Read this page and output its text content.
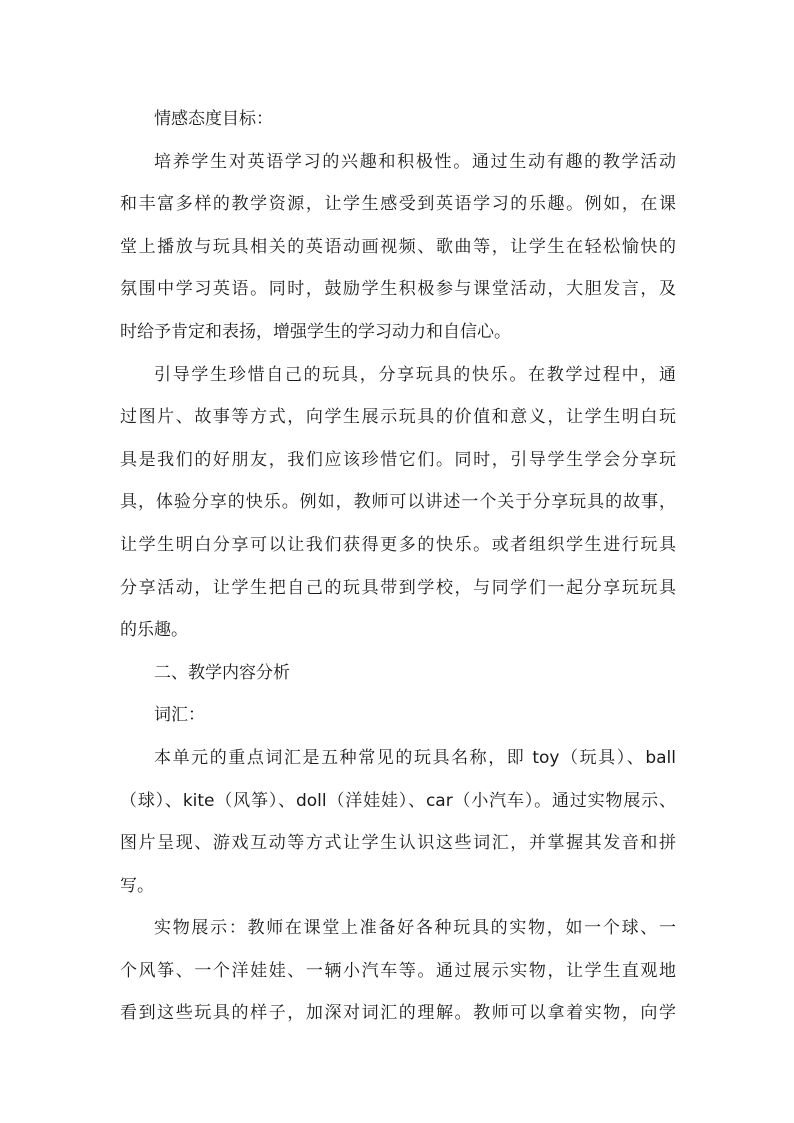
情感态度目标：
培养学生对英语学习的兴趣和积极性。通过生动有趣的教学活动
和丰富多样的教学资源，让学生感受到英语学习的乐趣。例如，在课
堂上播放与玩具相关的英语动画视频、歌曲等，让学生在轻松愉快的
氛围中学习英语。同时，鼓励学生积极参与课堂活动，大胆发言，及
时给予肯定和表扬，增强学生的学习动力和自信心。
引导学生珍惜自己的玩具，分享玩具的快乐。在教学过程中，通
过图片、故事等方式，向学生展示玩具的价值和意义，让学生明白玩
具是我们的好朋友，我们应该珍惜它们。同时，引导学生学会分享玩
具，体验分享的快乐。例如，教师可以讲述一个关于分享玩具的故事，
让学生明白分享可以让我们获得更多的快乐。或者组织学生进行玩具
分享活动，让学生把自己的玩具带到学校，与同学们一起分享玩玩具
的乐趣。
二、教学内容分析
词汇：
本单元的重点词汇是五种常见的玩具名称，即 toy（玩具）、ball
（球）、kite（风筝）、doll（洋娃娃）、car（小汽车）。通过实物展示、
图片呈现、游戏互动等方式让学生认识这些词汇，并掌握其发音和拼
写。
实物展示：教师在课堂上准备好各种玩具的实物，如一个球、一
个风筝、一个洋娃娃、一辆小汽车等。通过展示实物，让学生直观地
看到这些玩具的样子，加深对词汇的理解。教师可以拿着实物，向学
